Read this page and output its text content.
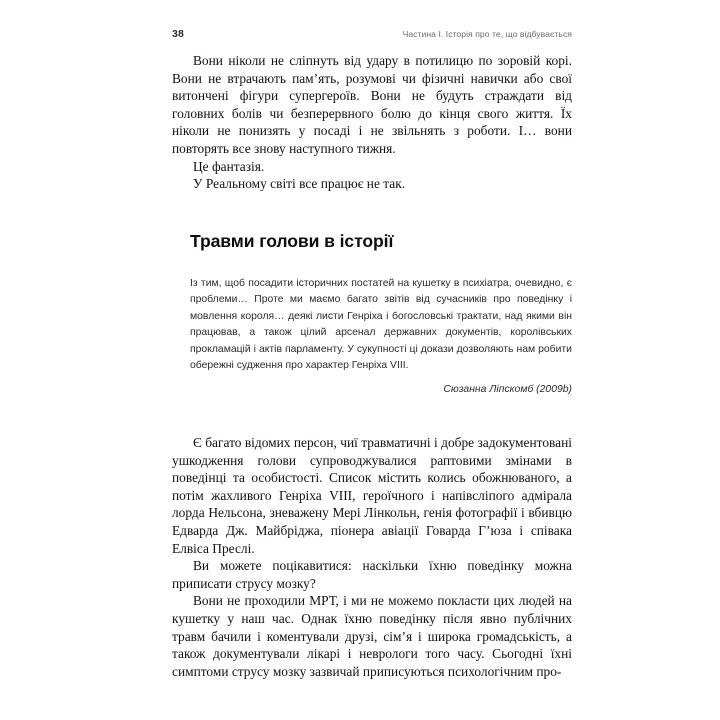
38	Частина І. Історія про те, що відбувається

Вони ніколи не сліпнуть від удару в потилицю по зоровій корі. Вони не втрачають пам’ять, розумові чи фізичні навички або свої витончені фігури супергероїв. Вони не будуть страждати від головних болів чи безперервного болю до кінця свого життя. Їх ніколи не понизять у посаді і не звільнять з роботи. І… вони повторять все знову наступного тижня.

Це фантазія.

У Реальному світі все працює не так.

Травми голови в історії

Із тим, щоб посадити історичних постатей на кушетку в психіатра, очевидно, є проблеми… Проте ми маємо багато звітів від сучасників про поведінку і мовлення короля… деякі листи Генріха і богословські трактати, над якими він працював, а також цілий арсенал державних документів, королівських прокламацій і актів парламенту. У сукупності ці докази дозволяють нам робити обережні судження про характер Генріха VIII.

Сюзанна Ліпскомб (2009b)

Є багато відомих персон, чиї травматичні і добре задокументовані ушкодження голови супроводжувалися раптовими змінами в поведінці та особистості. Список містить колись обожнюваного, а потім жахливого Генріха VIII, героїчного і напівсліпого адмірала лорда Нельсона, зневажену Мері Лінкольн, генія фотографії і вбивцю Едварда Дж. Майбріджа, піонера авіації Говарда Г’юза і співака Елвіса Преслі.

Ви можете поцікавитися: наскільки їхню поведінку можна приписати струсу мозку?

Вони не проходили МРТ, і ми не можемо покласти цих людей на кушетку у наш час. Однак їхню поведінку після явно публічних травм бачили і коментували друзі, сім’я і широка громадськість, а також документували лікарі і неврологи того часу. Сьогодні їхні симптоми струсу мозку зазвичай приписуються психологічним про-
